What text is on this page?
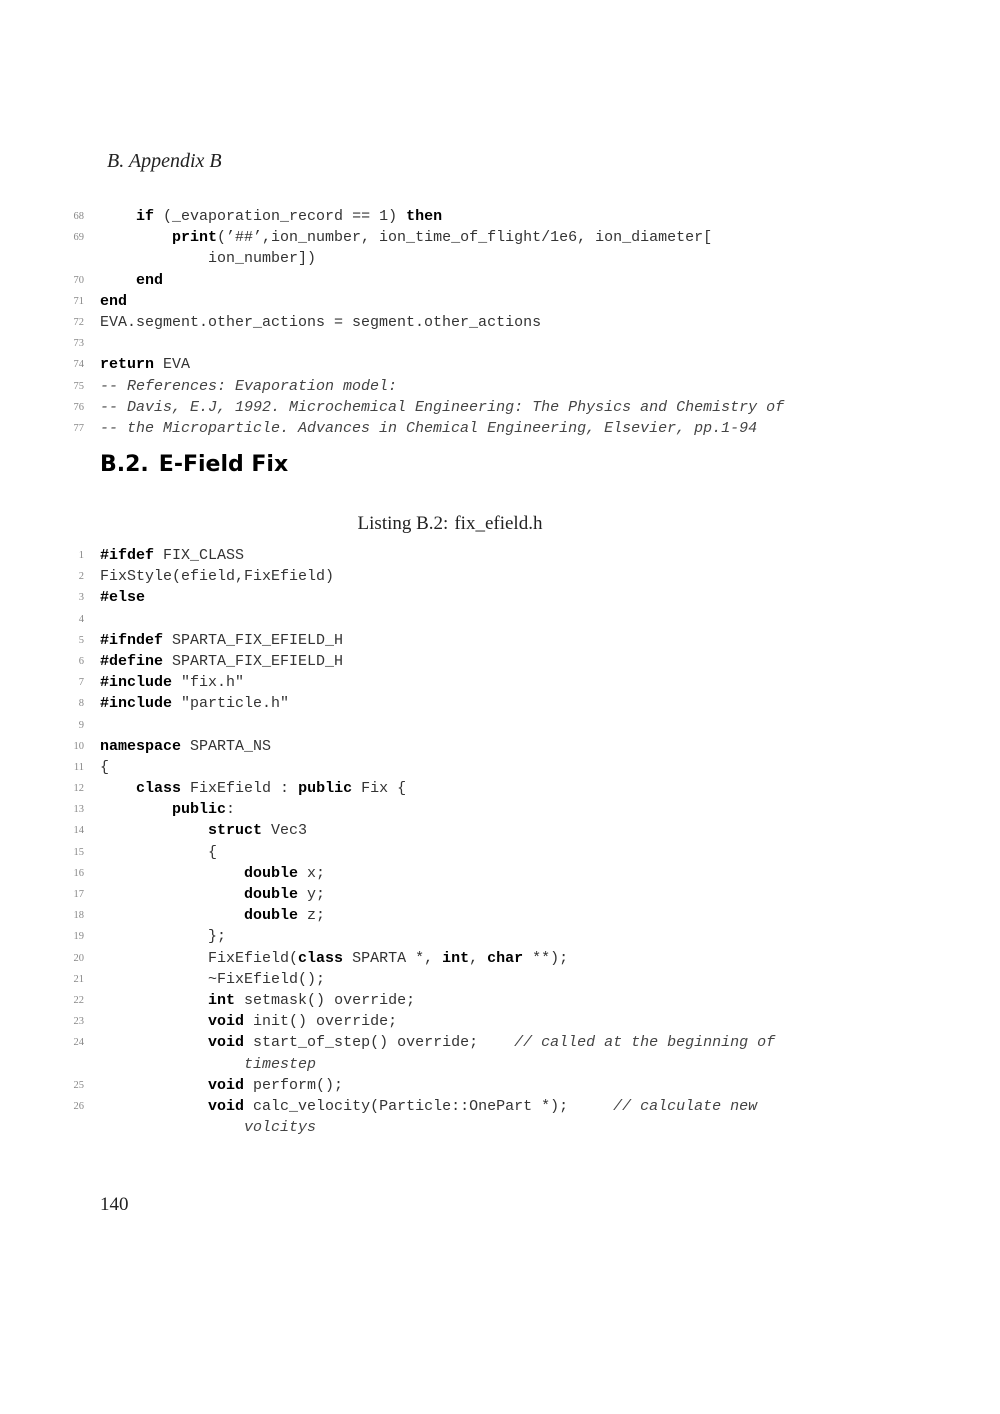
B. Appendix B
68	if (_evaporation_record == 1) then
69	print(’##’,ion_number, ion_time_of_flight/1e6, ion_diameter[
ion_number])
70	end
71 end
72 EVA.segment.other_actions = segment.other_actions
73
74 return EVA
75 -- References: Evaporation model:
76 -- Davis, E.J, 1992. Microchemical Engineering: The Physics and Chemistry of
77 -- the Microparticle. Advances in Chemical Engineering, Elsevier, pp.1-94
B.2. E-Field Fix
Listing B.2: fix_efield.h
1 #ifdef FIX_CLASS
2 FixStyle(efield,FixEfield)
3 #else
4
5 #ifndef SPARTA_FIX_EFIELD_H
6 #define SPARTA_FIX_EFIELD_H
7 #include "fix.h"
8 #include "particle.h"
9
10 namespace SPARTA_NS
11 {
12	class FixEfield : public Fix {
13	public:
14	struct Vec3
15 {
16	double x;
17	double y;
18	double z;
19 };
20 FixEfield(class SPARTA *, int, char **);
21 ~FixEfield();
22	int setmask() override;
23	void init() override;
24	void start_of_step() override;    // called at the beginning of
timestep
25	void perform();
26	void calc_velocity(Particle::OnePart *);     // calculate new
volcitys
140
